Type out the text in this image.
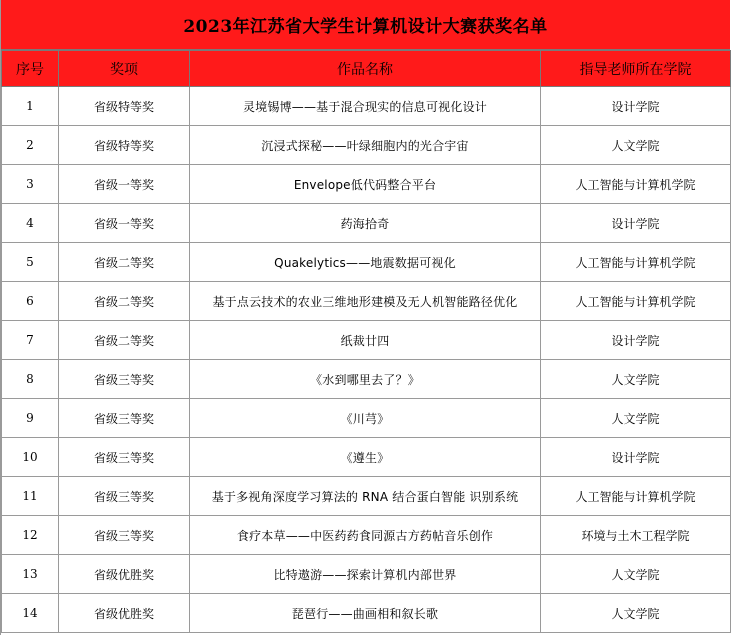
2023年江苏省大学生计算机设计大赛获奖名单
序号	奖项	作品名称	指导老师所在学院
1	省级特等奖	灵境锡博——基于混合现实的信息可视化设计	设计学院
2	省级特等奖	沉浸式探秘——叶绿细胞内的光合宇宙	人文学院
3	省级一等奖	Envelope低代码整合平台	人工智能与计算机学院
4	省级一等奖	药海拾奇	设计学院
5	省级二等奖	Quakelytics——地震数据可视化	人工智能与计算机学院
6	省级二等奖	基于点云技术的农业三维地形建模及无人机智能路径优化	人工智能与计算机学院
7	省级二等奖	纸裁廿四	设计学院
8	省级三等奖	《水到哪里去了？》	人文学院
9	省级三等奖	《川芎》	人文学院
10	省级三等奖	《遵生》	设计学院
11	省级三等奖	基于多视角深度学习算法的 RNA 结合蛋白智能 识别系统	人工智能与计算机学院
12	省级三等奖	食疗本草——中医药药食同源古方药帖音乐创作	环境与土木工程学院
13	省级优胜奖	比特遨游——探索计算机内部世界	人文学院
14	省级优胜奖	琵琶行——曲画相和叙长歌	人文学院
